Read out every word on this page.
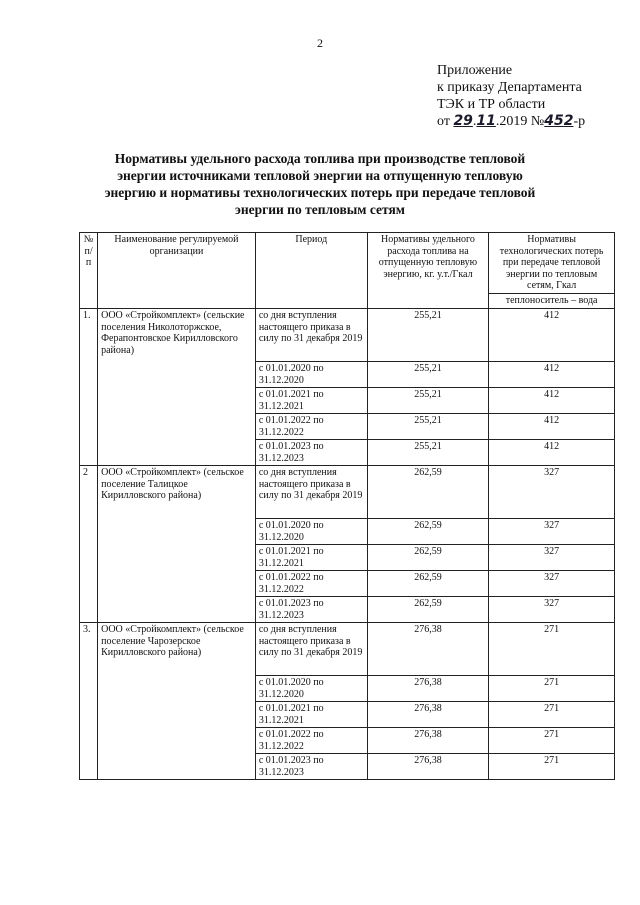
2
Приложение
к приказу Департамента
ТЭК и ТР области
от 29.11.2019 №452-р
Нормативы удельного расхода топлива при производстве тепловой энергии источниками тепловой энергии на отпущенную тепловую энергию и нормативы технологических потерь при передаче тепловой энергии по тепловым сетям
№ п/п	Наименование регулируемой организации	Период	Нормативы удельного расхода топлива на отпущенную тепловую энергию, кг. у.т./Гкал	Нормативы технологических потерь при передаче тепловой энергии по тепловым сетям, Гкал
				теплоноситель – вода
1.	ООО «Стройкомплект» (сельские поселения Николоторжское, Ферапонтовское Кирилловского района)	со дня вступления настоящего приказа в силу по 31 декабря 2019	255,21	412
		с 01.01.2020 по 31.12.2020	255,21	412
		с 01.01.2021 по 31.12.2021	255,21	412
		с 01.01.2022 по 31.12.2022	255,21	412
		с 01.01.2023 по 31.12.2023	255,21	412
2	ООО «Стройкомплект» (сельское поселение Талицкое Кирилловского района)	со дня вступления настоящего приказа в силу по 31 декабря 2019	262,59	327
		с 01.01.2020 по 31.12.2020	262,59	327
		с 01.01.2021 по 31.12.2021	262,59	327
		с 01.01.2022 по 31.12.2022	262,59	327
		с 01.01.2023 по 31.12.2023	262,59	327
3.	ООО «Стройкомплект» (сельское поселение Чарозерское Кирилловского района)	со дня вступления настоящего приказа в силу по 31 декабря 2019	276,38	271
		с 01.01.2020 по 31.12.2020	276,38	271
		с 01.01.2021 по 31.12.2021	276,38	271
		с 01.01.2022 по 31.12.2022	276,38	271
		с 01.01.2023 по 31.12.2023	276,38	271
